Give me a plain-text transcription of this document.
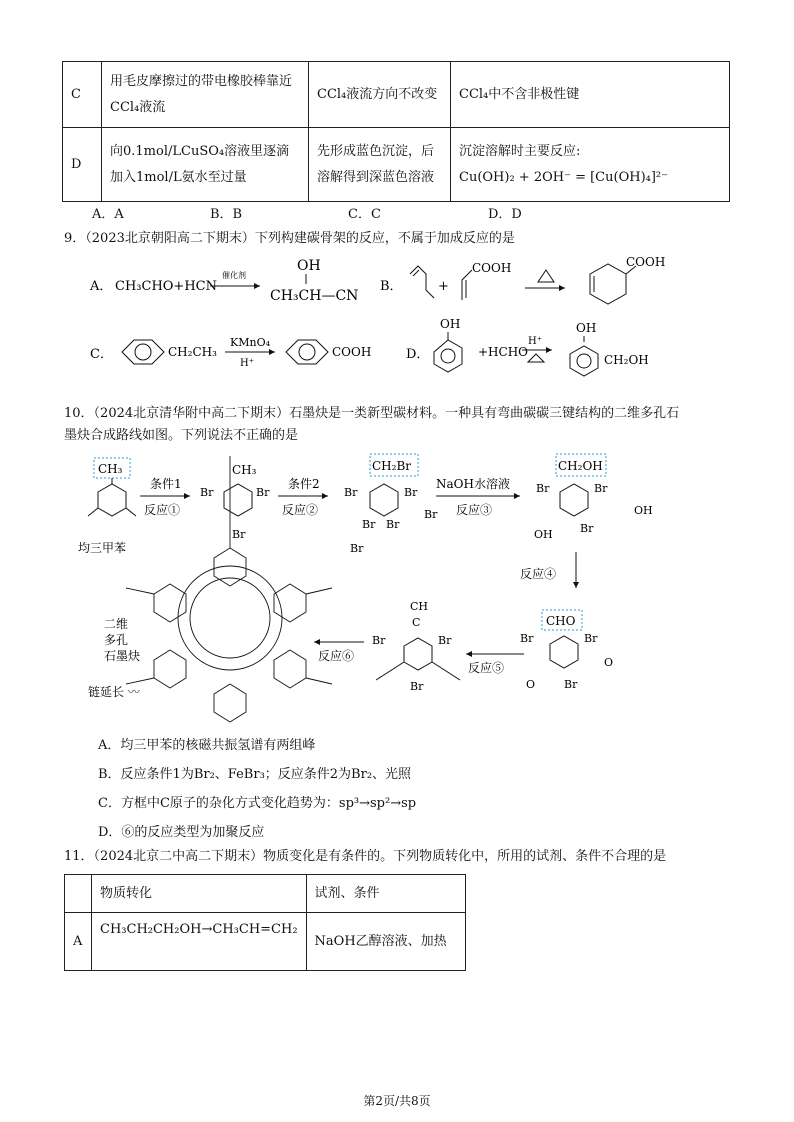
C	用毛皮摩擦过的带电橡胶棒靠近CCl₄液流	CCl₄液流方向不改变	CCl₄中不含非极性键
D	向0.1mol/LCuSO₄溶液里逐滴加入1mol/L氨水至过量	先形成蓝色沉淀，后溶解得到深蓝色溶液	沉淀溶解时主要反应:
Cu(OH)₂ + 2OH⁻ = [Cu(OH)₄]²⁻
A．A	B．B	C．C	D．D
9．（2023北京朝阳高二下期末）下列构建碳骨架的反应，不属于加成反应的是
A． CH₃CHO+HCN
催化剂
OH
CH₃CH—CN
B．	+
COOH	COOH
C．	CH₂CH₃
KMnO₄
H⁺
COOH	D．
OH
+HCHO
H⁺
OH
CH₂OH
10．（2024北京清华附中高二下期末）石墨炔是一类新型碳材料。一种具有弯曲碳碳三键结构的二维多孔石
墨炔合成路线如图。下列说法不正确的是
CH₃
均三甲苯
条件1
反应①
CH₃
Br	Br
Br
条件2
反应②
CH₂Br
Br	Br
Br Br
Br
Br
NaOH水溶液
反应③
CH₂OH
Br	Br
Br
OH
OH
反应④
CHO
Br	Br
Br
O
O
反应⑤
CH
C
Br	Br
Br
反应⑥
二维
多孔
石墨炔
链延长 〰
A．均三甲苯的核磁共振氢谱有两组峰
B．反应条件1为Br₂、FeBr₃；反应条件2为Br₂、光照
C．方框中C原子的杂化方式变化趋势为：sp³→sp²→sp
D．⑥的反应类型为加聚反应
11．（2024北京二中高二下期末）物质变化是有条件的。下列物质转化中，所用的试剂、条件不合理的是
	物质转化	试剂、条件
A	CH₃CH₂CH₂OH→CH₃CH=CH₂	NaOH乙醇溶液、加热
第2页/共8页
